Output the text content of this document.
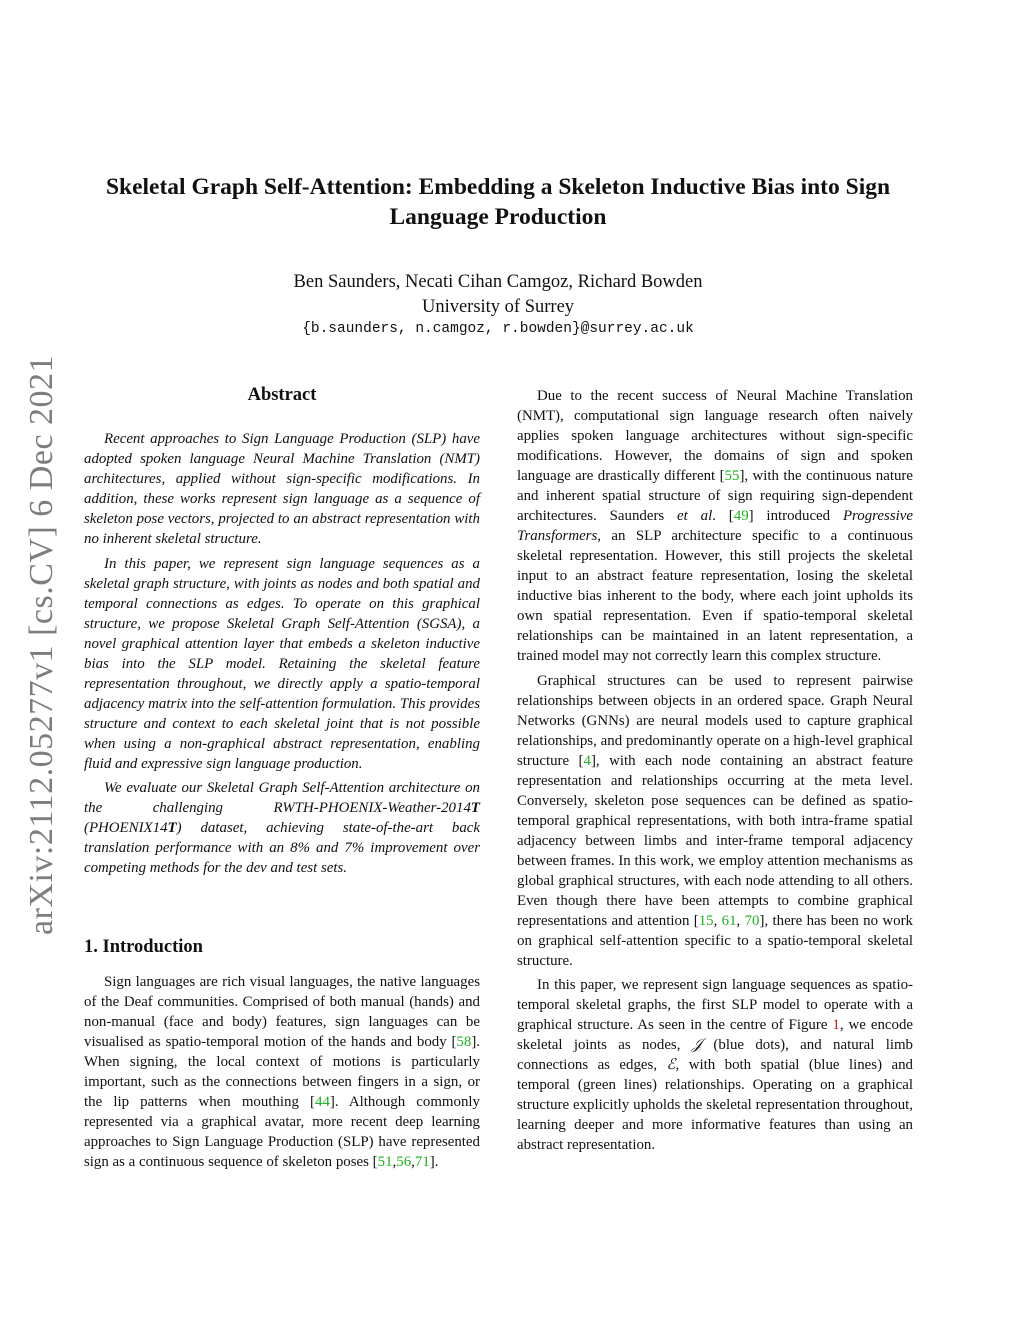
arXiv:2112.05277v1 [cs.CV] 6 Dec 2021
Skeletal Graph Self-Attention: Embedding a Skeleton Inductive Bias into Sign Language Production
Ben Saunders, Necati Cihan Camgoz, Richard Bowden
University of Surrey
{b.saunders, n.camgoz, r.bowden}@surrey.ac.uk
Abstract

Recent approaches to Sign Language Production (SLP) have adopted spoken language Neural Machine Translation (NMT) architectures, applied without sign-specific modifications. In addition, these works represent sign language as a sequence of skeleton pose vectors, projected to an abstract representation with no inherent skeletal structure.

In this paper, we represent sign language sequences as a skeletal graph structure, with joints as nodes and both spatial and temporal connections as edges. To operate on this graphical structure, we propose Skeletal Graph Self-Attention (SGSA), a novel graphical attention layer that embeds a skeleton inductive bias into the SLP model. Retaining the skeletal feature representation throughout, we directly apply a spatio-temporal adjacency matrix into the self-attention formulation. This provides structure and context to each skeletal joint that is not possible when using a non-graphical abstract representation, enabling fluid and expressive sign language production.

We evaluate our Skeletal Graph Self-Attention architecture on the challenging RWTH-PHOENIX-Weather-2014T (PHOENIX14T) dataset, achieving state-of-the-art back translation performance with an 8% and 7% improvement over competing methods for the dev and test sets.

1. Introduction

Sign languages are rich visual languages, the native languages of the Deaf communities. Comprised of both manual (hands) and non-manual (face and body) features, sign languages can be visualised as spatio-temporal motion of the hands and body [58]. When signing, the local context of motions is particularly important, such as the connections between fingers in a sign, or the lip patterns when mouthing [44]. Although commonly represented via a graphical avatar, more recent deep learning approaches to Sign Language Production (SLP) have represented sign as a continuous sequence of skeleton poses [51,56,71].

Due to the recent success of Neural Machine Translation (NMT), computational sign language research often naively applies spoken language architectures without sign-specific modifications. However, the domains of sign and spoken language are drastically different [55], with the continuous nature and inherent spatial structure of sign requiring sign-dependent architectures. Saunders et al. [49] introduced Progressive Transformers, an SLP architecture specific to a continuous skeletal representation. However, this still projects the skeletal input to an abstract feature representation, losing the skeletal inductive bias inherent to the body, where each joint upholds its own spatial representation. Even if spatio-temporal skeletal relationships can be maintained in an latent representation, a trained model may not correctly learn this complex structure.

Graphical structures can be used to represent pairwise relationships between objects in an ordered space. Graph Neural Networks (GNNs) are neural models used to capture graphical relationships, and predominantly operate on a high-level graphical structure [4], with each node containing an abstract feature representation and relationships occurring at the meta level. Conversely, skeleton pose sequences can be defined as spatio-temporal graphical representations, with both intra-frame spatial adjacency between limbs and inter-frame temporal adjacency between frames. In this work, we employ attention mechanisms as global graphical structures, with each node attending to all others. Even though there have been attempts to combine graphical representations and attention [15, 61, 70], there has been no work on graphical self-attention specific to a spatio-temporal skeletal structure.

In this paper, we represent sign language sequences as spatio-temporal skeletal graphs, the first SLP model to operate with a graphical structure. As seen in the centre of Figure 1, we encode skeletal joints as nodes, 𝒥 (blue dots), and natural limb connections as edges, ℰ, with both spatial (blue lines) and temporal (green lines) relationships. Operating on a graphical structure explicitly upholds the skeletal representation throughout, learning deeper and more informative features than using an abstract representation.
